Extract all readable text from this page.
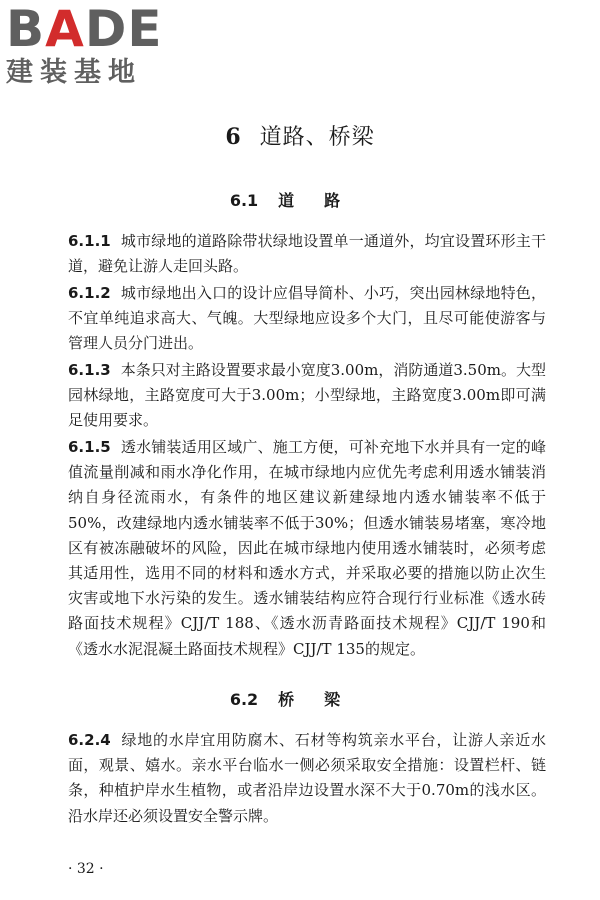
BADE
建装基地
6 道路、桥梁
6.1 道路

6.1.1 城市绿地的道路除带状绿地设置单一通道外，均宜设置环形主干道，避免让游人走回头路。

6.1.2 城市绿地出入口的设计应倡导简朴、小巧，突出园林绿地特色，不宜单纯追求高大、气魄。大型绿地应设多个大门，且尽可能使游客与管理人员分门进出。

6.1.3 本条只对主路设置要求最小宽度3.00m，消防通道3.50m。大型园林绿地，主路宽度可大于3.00m；小型绿地，主路宽度3.00m即可满足使用要求。

6.1.5 透水铺装适用区域广、施工方便，可补充地下水并具有一定的峰值流量削减和雨水净化作用，在城市绿地内应优先考虑利用透水铺装消纳自身径流雨水，有条件的地区建议新建绿地内透水铺装率不低于50%，改建绿地内透水铺装率不低于30%；但透水铺装易堵塞，寒冷地区有被冻融破坏的风险，因此在城市绿地内使用透水铺装时，必须考虑其适用性，选用不同的材料和透水方式，并采取必要的措施以防止次生灾害或地下水污染的发生。透水铺装结构应符合现行行业标准《透水砖路面技术规程》CJJ/T 188、《透水沥青路面技术规程》CJJ/T 190和《透水水泥混凝土路面技术规程》CJJ/T 135的规定。

6.2 桥梁

6.2.4 绿地的水岸宜用防腐木、石材等构筑亲水平台，让游人亲近水面，观景、嬉水。亲水平台临水一侧必须采取安全措施：设置栏杆、链条，种植护岸水生植物，或者沿岸边设置水深不大于0.70m的浅水区。沿水岸还必须设置安全警示牌。

· 32 ·
